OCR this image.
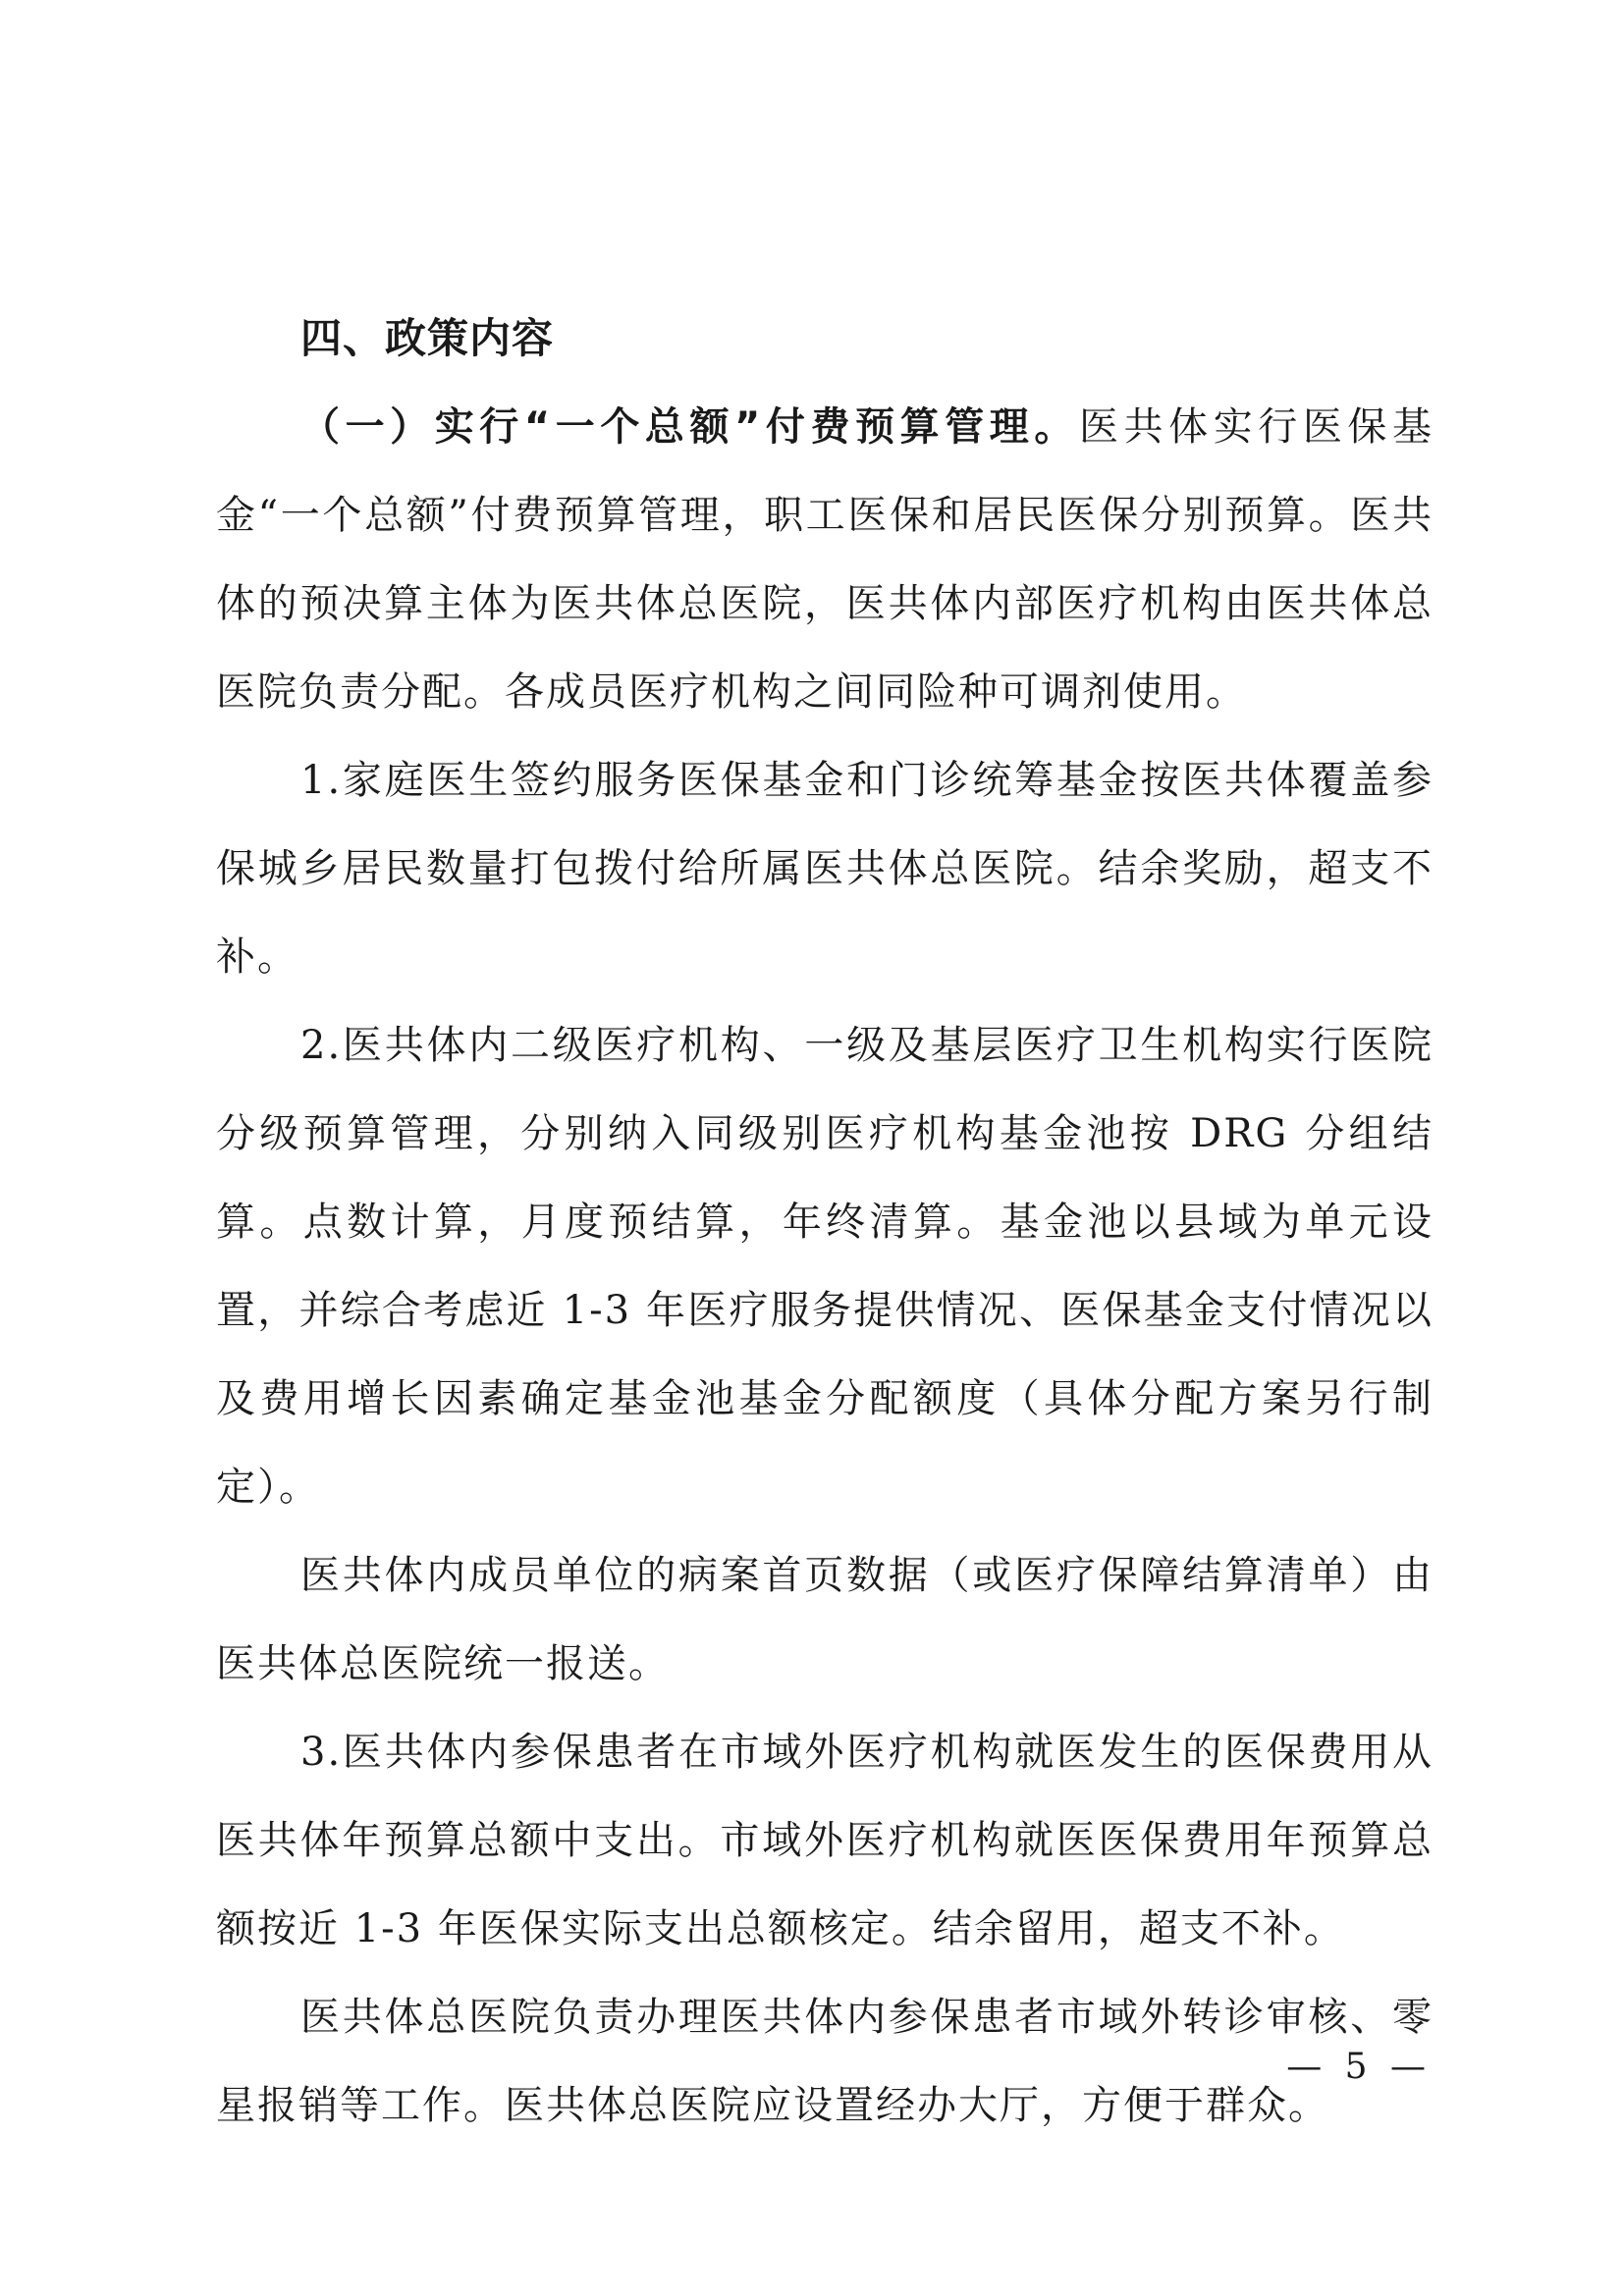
四、政策内容

（一）实行“一个总额”付费预算管理。医共体实行医保基金“一个总额”付费预算管理，职工医保和居民医保分别预算。医共体的预决算主体为医共体总医院，医共体内部医疗机构由医共体总医院负责分配。各成员医疗机构之间同险种可调剂使用。

1.家庭医生签约服务医保基金和门诊统筹基金按医共体覆盖参保城乡居民数量打包拨付给所属医共体总医院。结余奖励，超支不补。

2.医共体内二级医疗机构、一级及基层医疗卫生机构实行医院分级预算管理，分别纳入同级别医疗机构基金池按 DRG 分组结算。点数计算，月度预结算，年终清算。基金池以县域为单元设置，并综合考虑近 1-3 年医疗服务提供情况、医保基金支付情况以及费用增长因素确定基金池基金分配额度（具体分配方案另行制定）。

医共体内成员单位的病案首页数据（或医疗保障结算清单）由医共体总医院统一报送。

3.医共体内参保患者在市域外医疗机构就医发生的医保费用从医共体年预算总额中支出。市域外医疗机构就医医保费用年预算总额按近 1-3 年医保实际支出总额核定。结余留用，超支不补。

医共体总医院负责办理医共体内参保患者市域外转诊审核、零星报销等工作。医共体总医院应设置经办大厅，方便于群众。

— 5 —
